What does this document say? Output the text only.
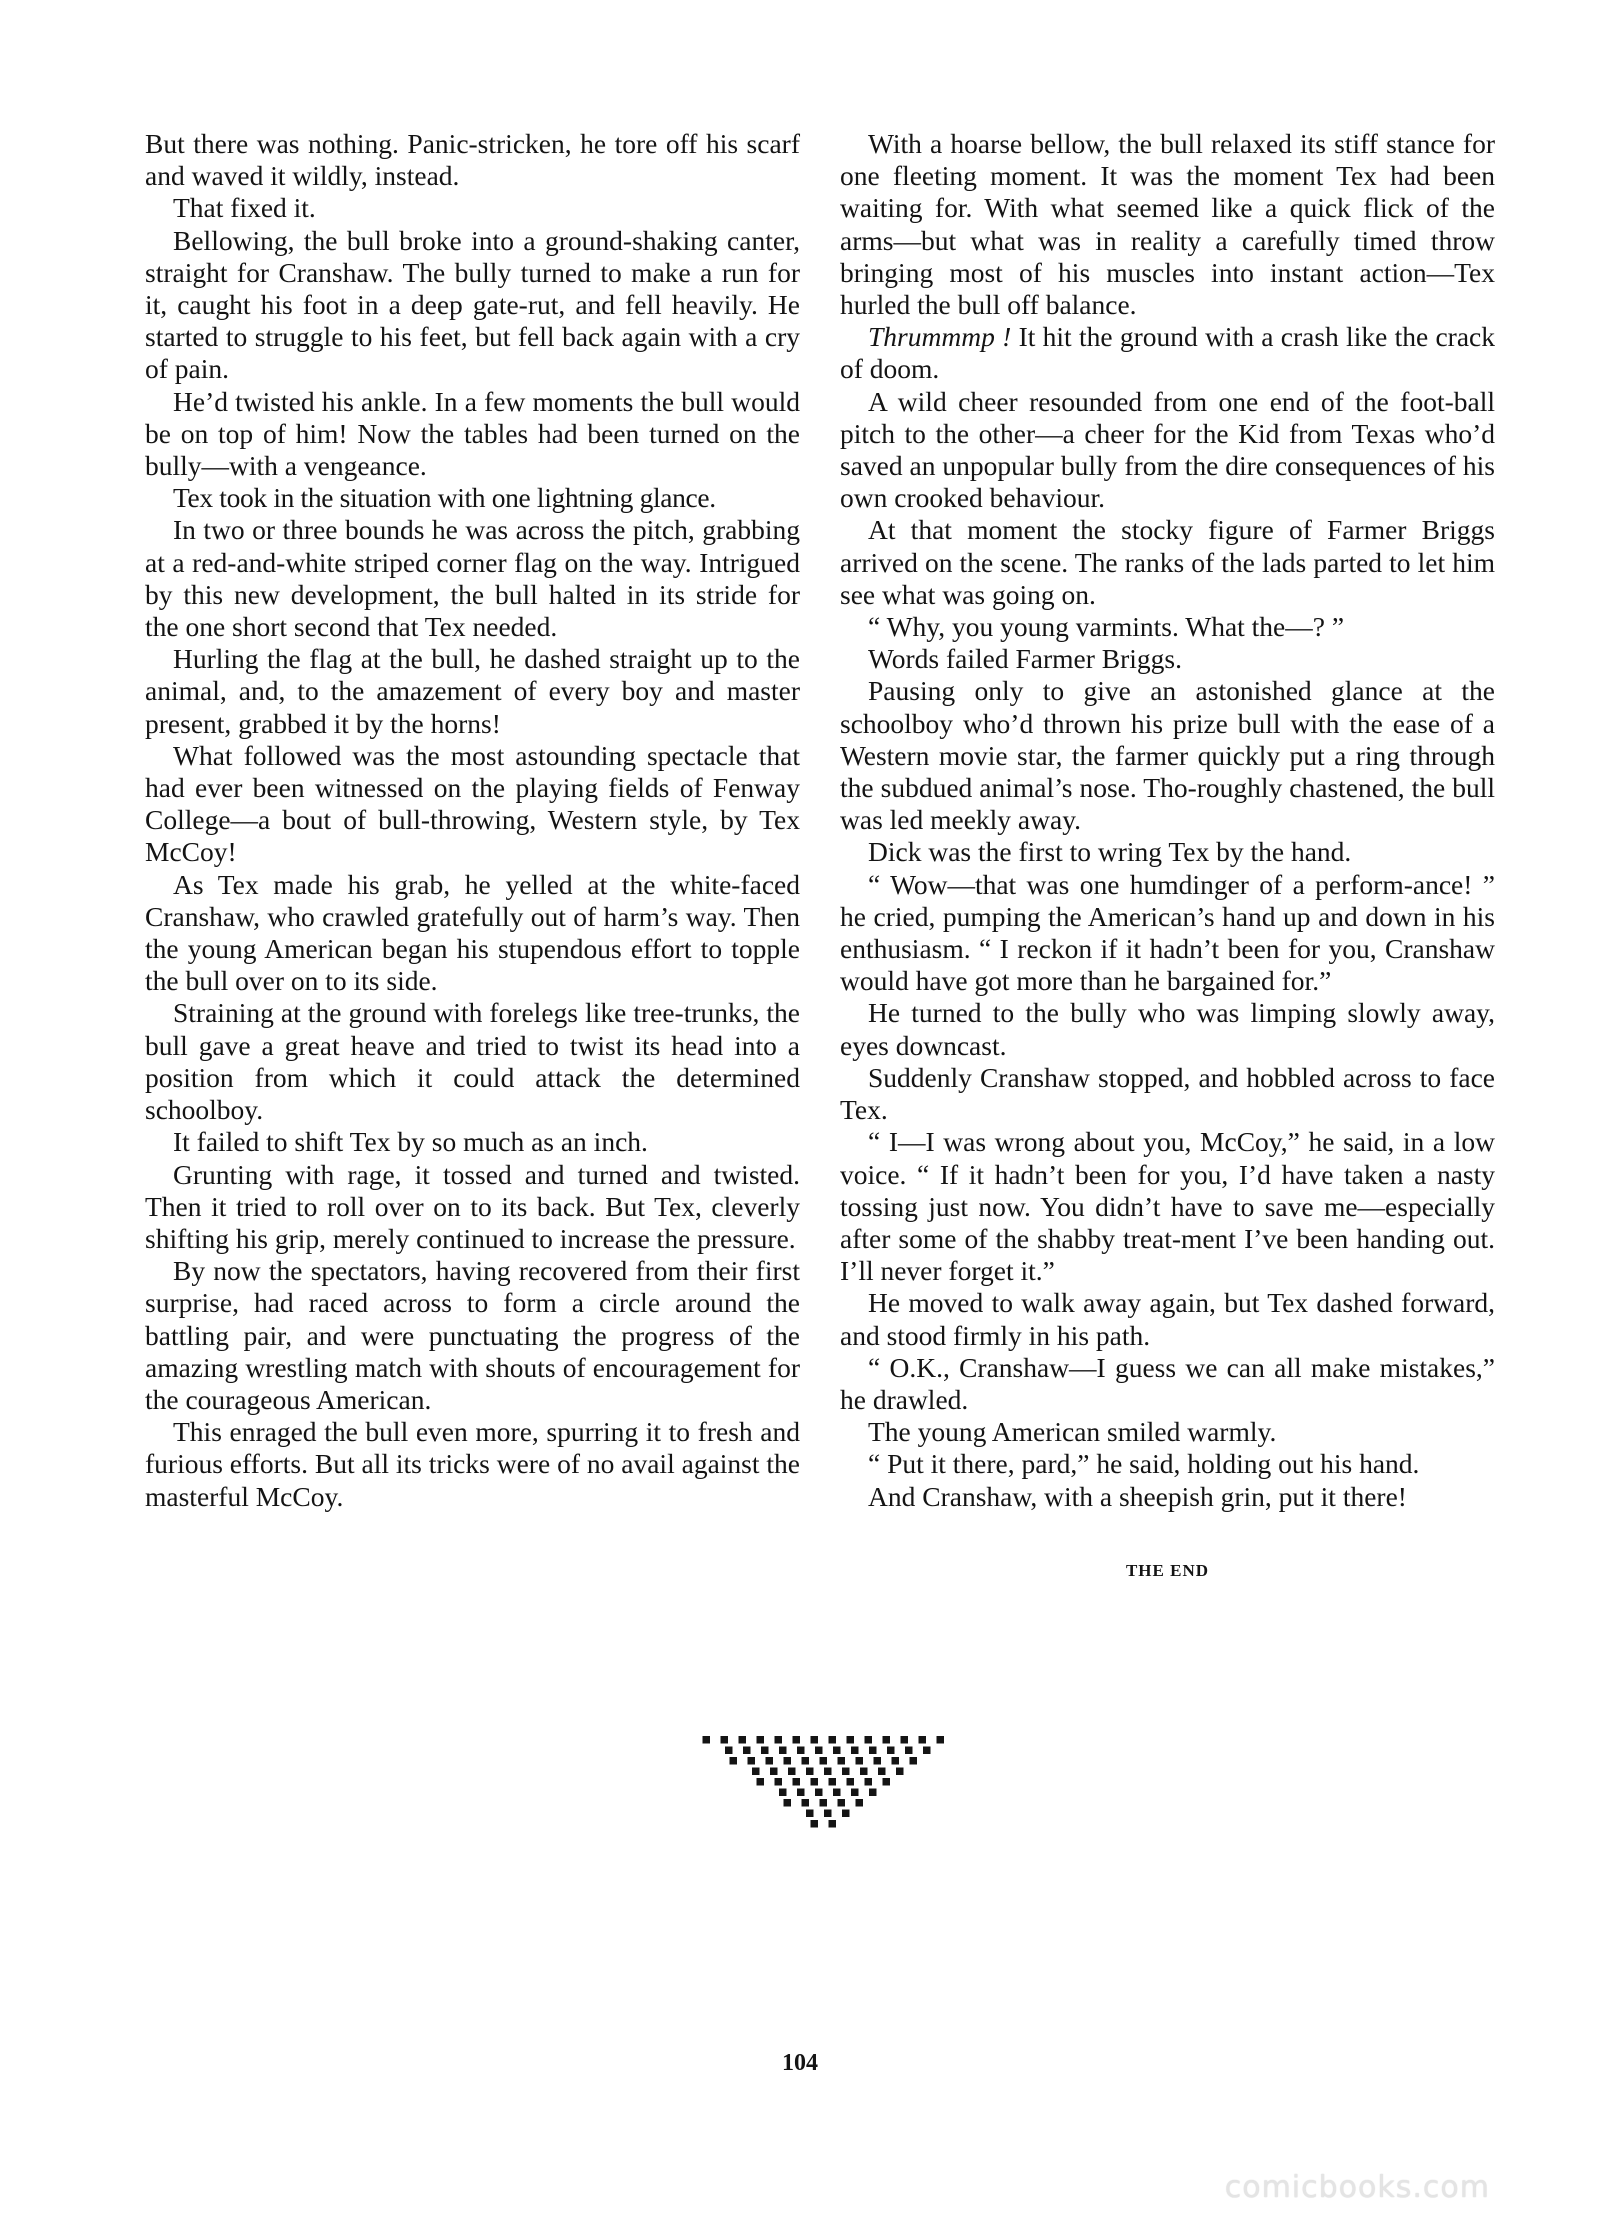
But there was nothing. Panic-stricken, he tore off his scarf and waved it wildly, instead.

That fixed it.

Bellowing, the bull broke into a ground-shaking canter, straight for Cranshaw. The bully turned to make a run for it, caught his foot in a deep gate-rut, and fell heavily. He started to struggle to his feet, but fell back again with a cry of pain.

He’d twisted his ankle. In a few moments the bull would be on top of him! Now the tables had been turned on the bully—with a vengeance.

Tex took in the situation with one lightning glance.

In two or three bounds he was across the pitch, grabbing at a red-and-white striped corner flag on the way. Intrigued by this new development, the bull halted in its stride for the one short second that Tex needed.

Hurling the flag at the bull, he dashed straight up to the animal, and, to the amazement of every boy and master present, grabbed it by the horns!

What followed was the most astounding spectacle that had ever been witnessed on the playing fields of Fenway College—a bout of bull-throwing, Western style, by Tex McCoy!

As Tex made his grab, he yelled at the white-faced Cranshaw, who crawled gratefully out of harm’s way. Then the young American began his stupendous effort to topple the bull over on to its side.

Straining at the ground with forelegs like tree-trunks, the bull gave a great heave and tried to twist its head into a position from which it could attack the determined schoolboy.

It failed to shift Tex by so much as an inch.

Grunting with rage, it tossed and turned and twisted. Then it tried to roll over on to its back. But Tex, cleverly shifting his grip, merely continued to increase the pressure.

By now the spectators, having recovered from their first surprise, had raced across to form a circle around the battling pair, and were punctuating the progress of the amazing wrestling match with shouts of encouragement for the courageous American.

This enraged the bull even more, spurring it to fresh and furious efforts. But all its tricks were of no avail against the masterful McCoy.

With a hoarse bellow, the bull relaxed its stiff stance for one fleeting moment. It was the moment Tex had been waiting for. With what seemed like a quick flick of the arms—but what was in reality a carefully timed throw bringing most of his muscles into instant action—Tex hurled the bull off balance.

Thrummmp ! It hit the ground with a crash like the crack of doom.

A wild cheer resounded from one end of the foot-ball pitch to the other—a cheer for the Kid from Texas who’d saved an unpopular bully from the dire consequences of his own crooked behaviour.

At that moment the stocky figure of Farmer Briggs arrived on the scene. The ranks of the lads parted to let him see what was going on.

“ Why, you young varmints. What the—? ”

Words failed Farmer Briggs.

Pausing only to give an astonished glance at the schoolboy who’d thrown his prize bull with the ease of a Western movie star, the farmer quickly put a ring through the subdued animal’s nose. Tho-roughly chastened, the bull was led meekly away.

Dick was the first to wring Tex by the hand.

“ Wow—that was one humdinger of a perform-ance! ” he cried, pumping the American’s hand up and down in his enthusiasm. “ I reckon if it hadn’t been for you, Cranshaw would have got more than he bargained for.”

He turned to the bully who was limping slowly away, eyes downcast.

Suddenly Cranshaw stopped, and hobbled across to face Tex.

“ I—I was wrong about you, McCoy,” he said, in a low voice. “ If it hadn’t been for you, I’d have taken a nasty tossing just now. You didn’t have to save me—especially after some of the shabby treat-ment I’ve been handing out. I’ll never forget it.”

He moved to walk away again, but Tex dashed forward, and stood firmly in his path.

“ O.K., Cranshaw—I guess we can all make mistakes,” he drawled.

The young American smiled warmly.

“ Put it there, pard,” he said, holding out his hand.

And Cranshaw, with a sheepish grin, put it there!

THE END
104
comicbooks.com
